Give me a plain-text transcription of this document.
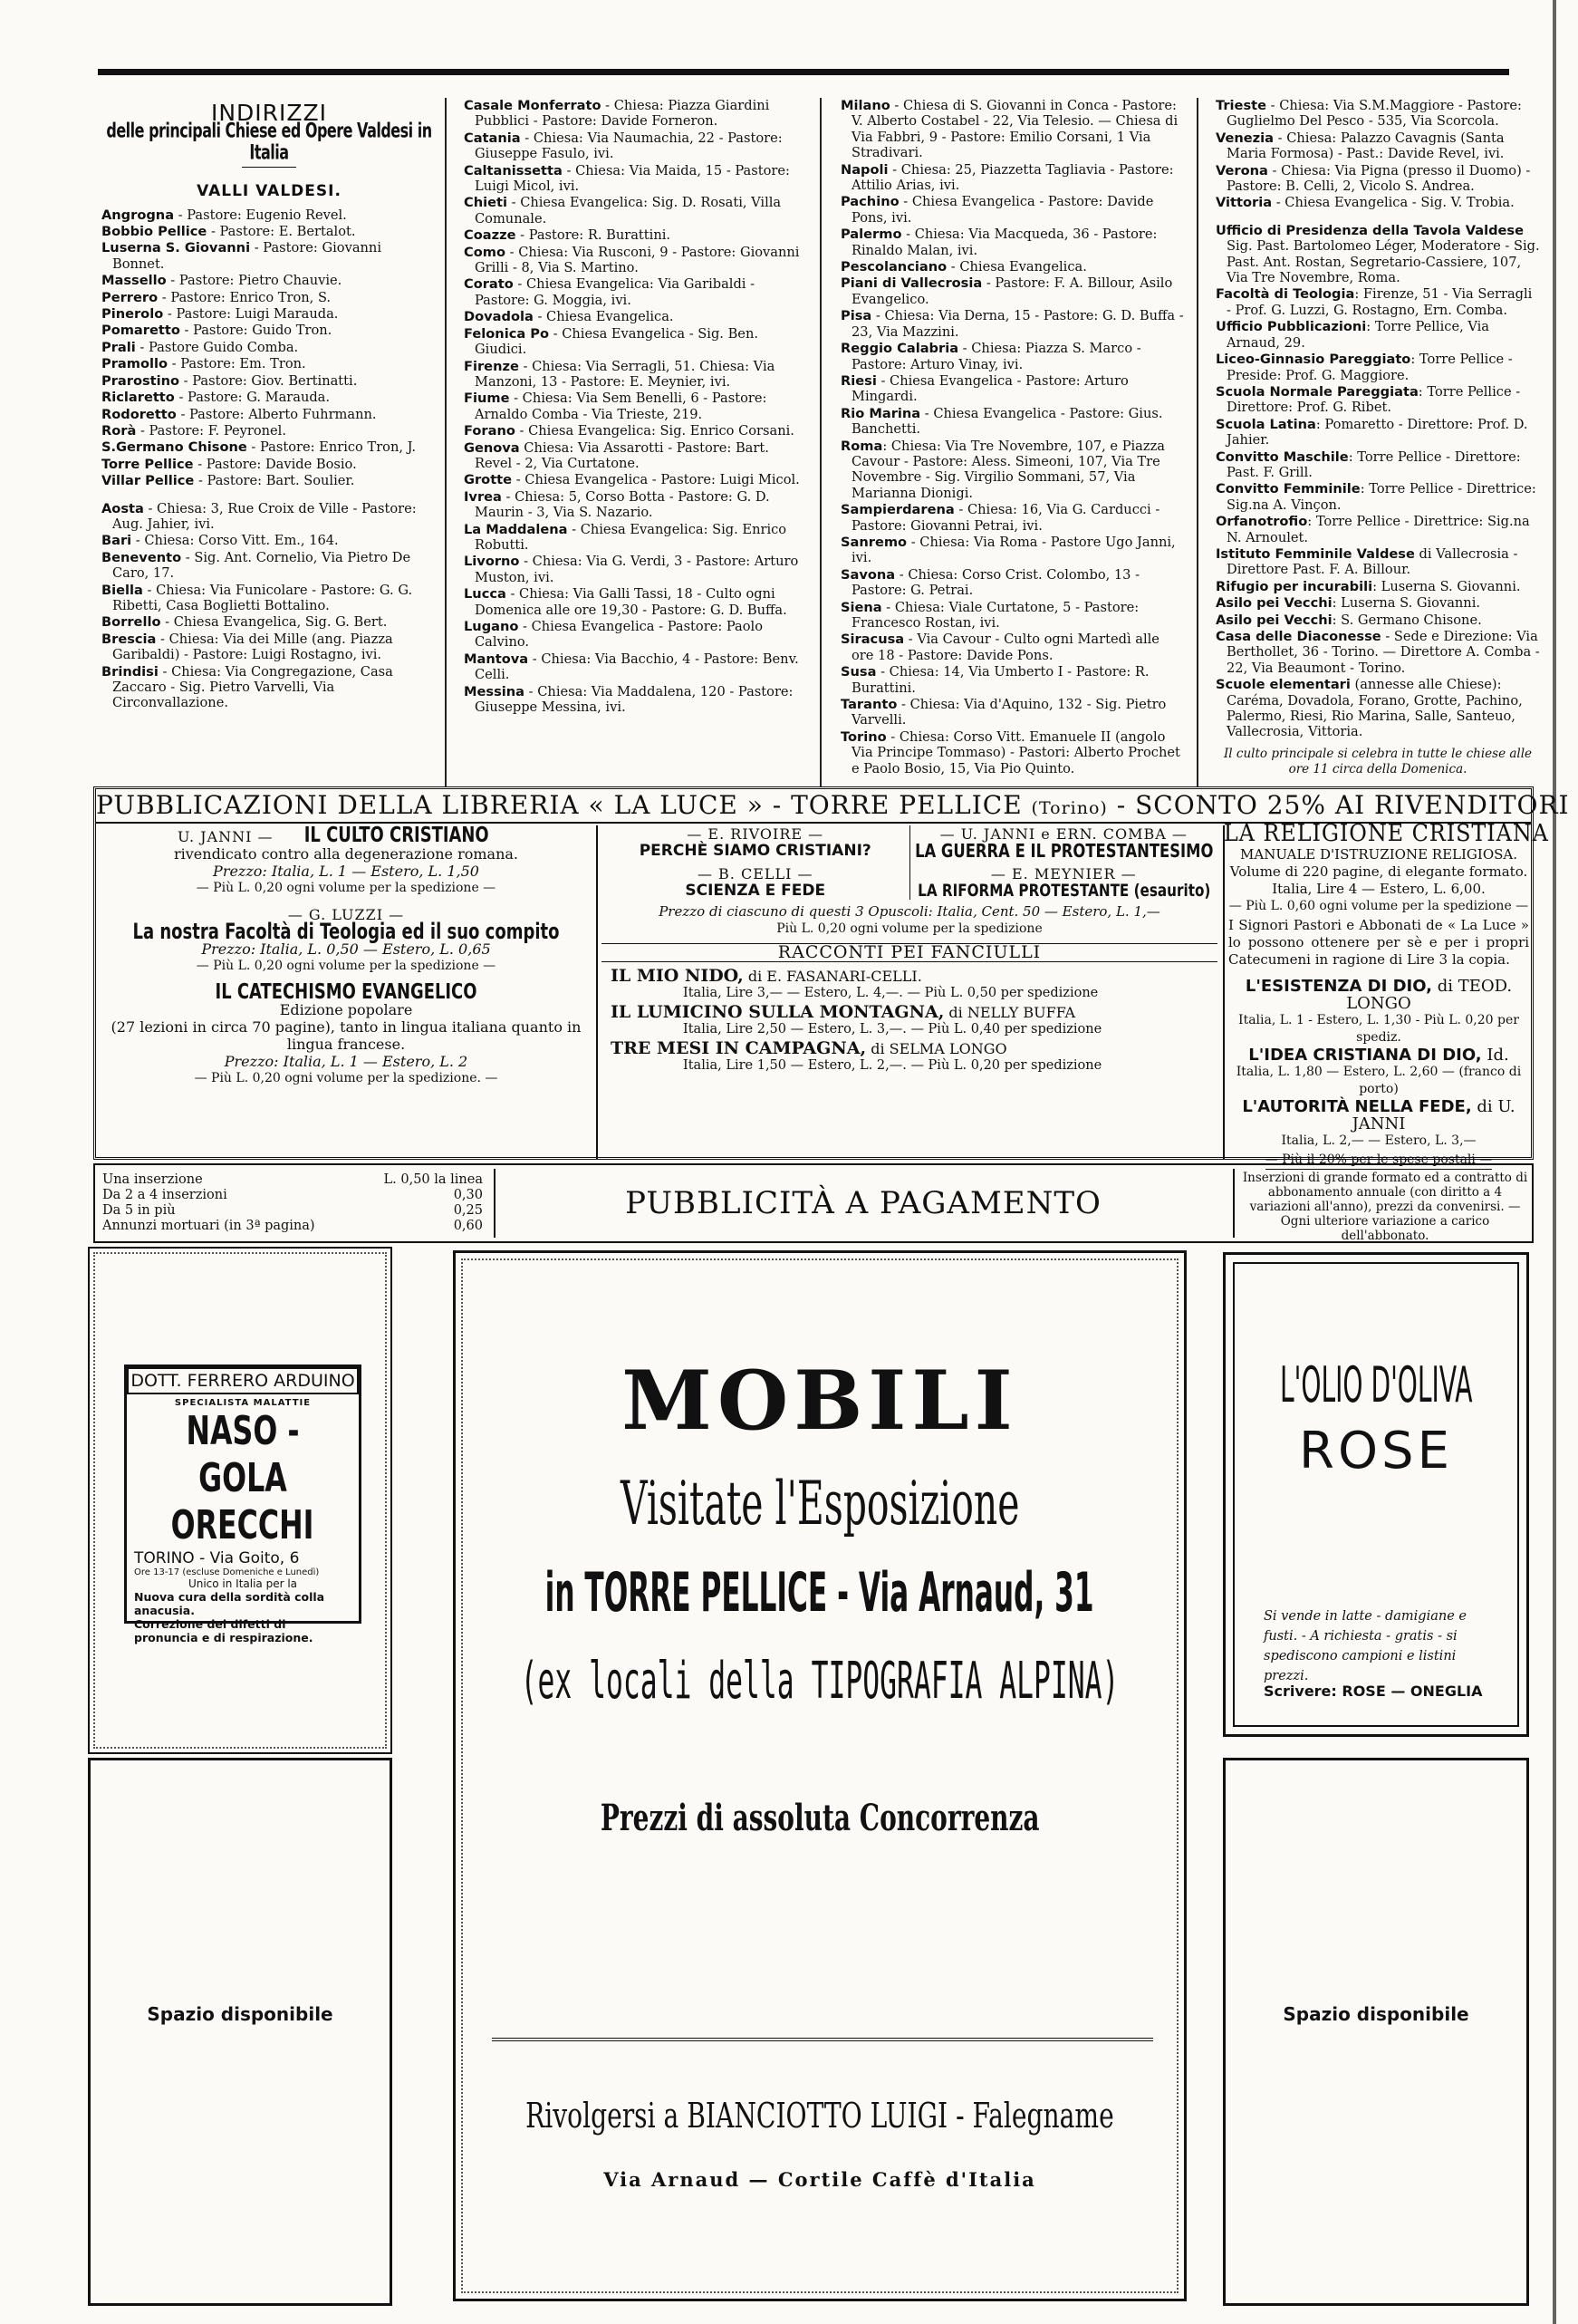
INDIRIZZI
delle principali Chiese ed Opere Valdesi in Italia
VALLI VALDESI.
Angrogna - Pastore: Eugenio Revel.
Bobbio Pellice - Pastore: E. Bertalot.
Luserna S. Giovanni - Pastore: Giovanni Bonnet.
Massello - Pastore: Pietro Chauvie.
Perrero - Pastore: Enrico Tron, S.
Pinerolo - Pastore: Luigi Marauda.
Pomaretto - Pastore: Guido Tron.
Prali - Pastore Guido Comba.
Pramollo - Pastore: Em. Tron.
Prarostino - Pastore: Giov. Bertinatti.
Riclaretto - Pastore: G. Marauda.
Rodoretto - Pastore: Alberto Fuhrmann.
Rorà - Pastore: F. Peyronel.
S.Germano Chisone - Pastore: Enrico Tron, J.
Torre Pellice - Pastore: Davide Bosio.
Villar Pellice - Pastore: Bart. Soulier.
Aosta - Chiesa: 3, Rue Croix de Ville - Pastore: Aug. Jahier, ivi.
Bari - Chiesa: Corso Vitt. Em., 164.
Benevento - Sig. Ant. Cornelio, Via Pietro De Caro, 17.
Biella - Chiesa: Via Funicolare - Pastore: G. G. Ribetti, Casa Boglietti Bottalino.
Borrello - Chiesa Evangelica, Sig. G. Bert.
Brescia - Chiesa: Via dei Mille (ang. Piazza Garibaldi) - Pastore: Luigi Rostagno, ivi.
Brindisi - Chiesa: Via Congregazione, Casa Zaccaro - Sig. Pietro Varvelli, Via Circonvallazione.
Casale Monferrato - Chiesa: Piazza Giardini Pubblici - Pastore: Davide Forneron.
Catania - Chiesa: Via Naumachia, 22 - Pastore: Giuseppe Fasulo, ivi.
Caltanissetta - Chiesa: Via Maida, 15 - Pastore: Luigi Micol, ivi.
Chieti - Chiesa Evangelica: Sig. D. Rosati, Villa Comunale.
Coazze - Pastore: R. Burattini.
Como - Chiesa: Via Rusconi, 9 - Pastore: Giovanni Grilli - 8, Via S. Martino.
Corato - Chiesa Evangelica: Via Garibaldi - Pastore: G. Moggia, ivi.
Dovadola - Chiesa Evangelica.
Felonica Po - Chiesa Evangelica - Sig. Ben. Giudici.
Firenze - Chiesa: Via Serragli, 51. Chiesa: Via Manzoni, 13 - Pastore: E. Meynier, ivi.
Fiume - Chiesa: Via Sem Benelli, 6 - Pastore: Arnaldo Comba - Via Trieste, 219.
Forano - Chiesa Evangelica: Sig. Enrico Corsani.
Genova Chiesa: Via Assarotti - Pastore: Bart. Revel - 2, Via Curtatone.
Grotte - Chiesa Evangelica - Pastore: Luigi Micol.
Ivrea - Chiesa: 5, Corso Botta - Pastore: G. D. Maurin - 3, Via S. Nazario.
La Maddalena - Chiesa Evangelica: Sig. Enrico Robutti.
Livorno - Chiesa: Via G. Verdi, 3 - Pastore: Arturo Muston, ivi.
Lucca - Chiesa: Via Galli Tassi, 18 - Culto ogni Domenica alle ore 19,30 - Pastore: G. D. Buffa.
Lugano - Chiesa Evangelica - Pastore: Paolo Calvino.
Mantova - Chiesa: Via Bacchio, 4 - Pastore: Benv. Celli.
Messina - Chiesa: Via Maddalena, 120 - Pastore: Giuseppe Messina, ivi.
Milano - Chiesa di S. Giovanni in Conca - Pastore: V. Alberto Costabel - 22, Via Telesio. — Chiesa di Via Fabbri, 9 - Pastore: Emilio Corsani, 1 Via Stradivari.
Napoli - Chiesa: 25, Piazzetta Tagliavia - Pastore: Attilio Arias, ivi.
Pachino - Chiesa Evangelica - Pastore: Davide Pons, ivi.
Palermo - Chiesa: Via Macqueda, 36 - Pastore: Rinaldo Malan, ivi.
Pescolanciano - Chiesa Evangelica.
Piani di Vallecrosia - Pastore: F. A. Billour, Asilo Evangelico.
Pisa - Chiesa: Via Derna, 15 - Pastore: G. D. Buffa - 23, Via Mazzini.
Reggio Calabria - Chiesa: Piazza S. Marco - Pastore: Arturo Vinay, ivi.
Riesi - Chiesa Evangelica - Pastore: Arturo Mingardi.
Rio Marina - Chiesa Evangelica - Pastore: Gius. Banchetti.
Roma: Chiesa: Via Tre Novembre, 107, e Piazza Cavour - Pastore: Aless. Simeoni, 107, Via Tre Novembre - Sig. Virgilio Sommani, 57, Via Marianna Dionigi.
Sampierdarena - Chiesa: 16, Via G. Carducci - Pastore: Giovanni Petrai, ivi.
Sanremo - Chiesa: Via Roma - Pastore Ugo Janni, ivi.
Savona - Chiesa: Corso Crist. Colombo, 13 - Pastore: G. Petrai.
Siena - Chiesa: Viale Curtatone, 5 - Pastore: Francesco Rostan, ivi.
Siracusa - Via Cavour - Culto ogni Martedì alle ore 18 - Pastore: Davide Pons.
Susa - Chiesa: 14, Via Umberto I - Pastore: R. Burattini.
Taranto - Chiesa: Via d'Aquino, 132 - Sig. Pietro Varvelli.
Torino - Chiesa: Corso Vitt. Emanuele II (angolo Via Principe Tommaso) - Pastori: Alberto Prochet e Paolo Bosio, 15, Via Pio Quinto.
Trieste - Chiesa: Via S.M.Maggiore - Pastore: Guglielmo Del Pesco - 535, Via Scorcola.
Venezia - Chiesa: Palazzo Cavagnis (Santa Maria Formosa) - Past.: Davide Revel, ivi.
Verona - Chiesa: Via Pigna (presso il Duomo) - Pastore: B. Celli, 2, Vicolo S. Andrea.
Vittoria - Chiesa Evangelica - Sig. V. Trobia.
Ufficio di Presidenza della Tavola Valdese Sig. Past. Bartolomeo Léger, Moderatore - Sig. Past. Ant. Rostan, Segretario-Cassiere, 107, Via Tre Novembre, Roma.
Facoltà di Teologia: Firenze, 51 - Via Serragli - Prof. G. Luzzi, G. Rostagno, Ern. Comba.
Ufficio Pubblicazioni: Torre Pellice, Via Arnaud, 29.
Liceo-Ginnasio Pareggiato: Torre Pellice - Preside: Prof. G. Maggiore.
Scuola Normale Pareggiata: Torre Pellice - Direttore: Prof. G. Ribet.
Scuola Latina: Pomaretto - Direttore: Prof. D. Jahier.
Convitto Maschile: Torre Pellice - Direttore: Past. F. Grill.
Convitto Femminile: Torre Pellice - Direttrice: Sig.na A. Vinçon.
Orfanotrofio: Torre Pellice - Direttrice: Sig.na N. Arnoulet.
Istituto Femminile Valdese di Vallecrosia - Direttore Past. F. A. Billour.
Rifugio per incurabili: Luserna S. Giovanni.
Asilo pei Vecchi: Luserna S. Giovanni.
Asilo pei Vecchi: S. Germano Chisone.
Casa delle Diaconesse - Sede e Direzione: Via Berthollet, 36 - Torino. — Direttore A. Comba - 22, Via Beaumont - Torino.
Scuole elementari (annesse alle Chiese): Caréma, Dovadola, Forano, Grotte, Pachino, Palermo, Riesi, Rio Marina, Salle, Santeuo, Vallecrosia, Vittoria.
Il culto principale si celebra in tutte le chiese alle ore 11 circa della Domenica.
PUBBLICAZIONI DELLA LIBRERIA « LA LUCE » - TORRE PELLICE (Torino) - SCONTO 25% AI RIVENDITORI
U. JANNI — IL CULTO CRISTIANO
rivendicato contro alla degenerazione romana.
Prezzo: Italia, L. 1 — Estero, L. 1,50
— Più L. 0,20 ogni volume per la spedizione —
— G. LUZZI —
La nostra Facoltà di Teologia ed il suo compito
Prezzo: Italia, L. 0,50 — Estero, L. 0,65
— Più L. 0,20 ogni volume per la spedizione —
IL CATECHISMO EVANGELICO
Edizione popolare
(27 lezioni in circa 70 pagine), tanto in lingua italiana quanto in lingua francese.
Prezzo: Italia, L. 1 — Estero, L. 2
— Più L. 0,20 ogni volume per la spedizione. —
— E. RIVOIRE —
PERCHÈ SIAMO CRISTIANI?
— B. CELLI —
SCIENZA E FEDE
— U. JANNI e ERN. COMBA —
LA GUERRA E IL PROTESTANTESIMO
— E. MEYNIER —
LA RIFORMA PROTESTANTE (esaurito)
Prezzo di ciascuno di questi 3 Opuscoli: Italia, Cent. 50 — Estero, L. 1,—
Più L. 0,20 ogni volume per la spedizione
RACCONTI PEI FANCIULLI
IL MIO NIDO, di E. FASANARI-CELLI.
Italia, Lire 3,— — Estero, L. 4,—. — Più L. 0,50 per spedizione
IL LUMICINO SULLA MONTAGNA, di NELLY BUFFA
Italia, Lire 2,50 — Estero, L. 3,—. — Più L. 0,40 per spedizione
TRE MESI IN CAMPAGNA, di SELMA LONGO
Italia, Lire 1,50 — Estero, L. 2,—. — Più L. 0,20 per spedizione
LA RELIGIONE CRISTIANA
MANUALE D'ISTRUZIONE RELIGIOSA.
Volume di 220 pagine, di elegante formato.
Italia, Lire 4 — Estero, L. 6,00.
— Più L. 0,60 ogni volume per la spedizione —
I Signori Pastori e Abbonati de « La Luce » lo possono ottenere per sè e per i propri Catecumeni in ragione di Lire 3 la copia.
L'ESISTENZA DI DIO, di TEOD. LONGO
Italia, L. 1 - Estero, L. 1,30 - Più L. 0,20 per spediz.
L'IDEA CRISTIANA DI DIO, Id.
Italia, L. 1,80 — Estero, L. 2,60 — (franco di porto)
L'AUTORITÀ NELLA FEDE, di U. JANNI
Italia, L. 2,— — Estero, L. 3,—
— Più il 20% per le spese postali —
Una inserzione	L. 0,50 la linea
Da 2 a 4 inserzioni	0,30
Da 5 in più	0,25
Annunzi mortuari (in 3ª pagina)	0,60
PUBBLICITÀ A PAGAMENTO
Inserzioni di grande formato ed a contratto di abbonamento annuale (con diritto a 4 variazioni all'anno), prezzi da convenirsi. — Ogni ulteriore variazione a carico dell'abbonato.
DOTT. FERRERO ARDUINO
SPECIALISTA MALATTIE
NASO - GOLA ORECCHI
TORINO - Via Goito, 6
Ore 13-17 (escluse Domeniche e Lunedì)
Unico in Italia per la
Nuova cura della sordità colla anacusia.
Correzione dei difetti di pronuncia e di respirazione.
Spazio disponibile
MOBILI
Visitate l'Esposizione
in TORRE PELLICE - Via Arnaud, 31
(ex locali della TIPOGRAFIA ALPINA)
Prezzi di assoluta Concorrenza
Rivolgersi a BIANCIOTTO LUIGI - Falegname
Via Arnaud — Cortile Caffè d'Italia
L'OLIO D'OLIVA
ROSE
Si vende in latte - damigiane e fusti. - A richiesta - gratis - si spediscono campioni e listini prezzi.
Scrivere: ROSE — ONEGLIA
Spazio disponibile
